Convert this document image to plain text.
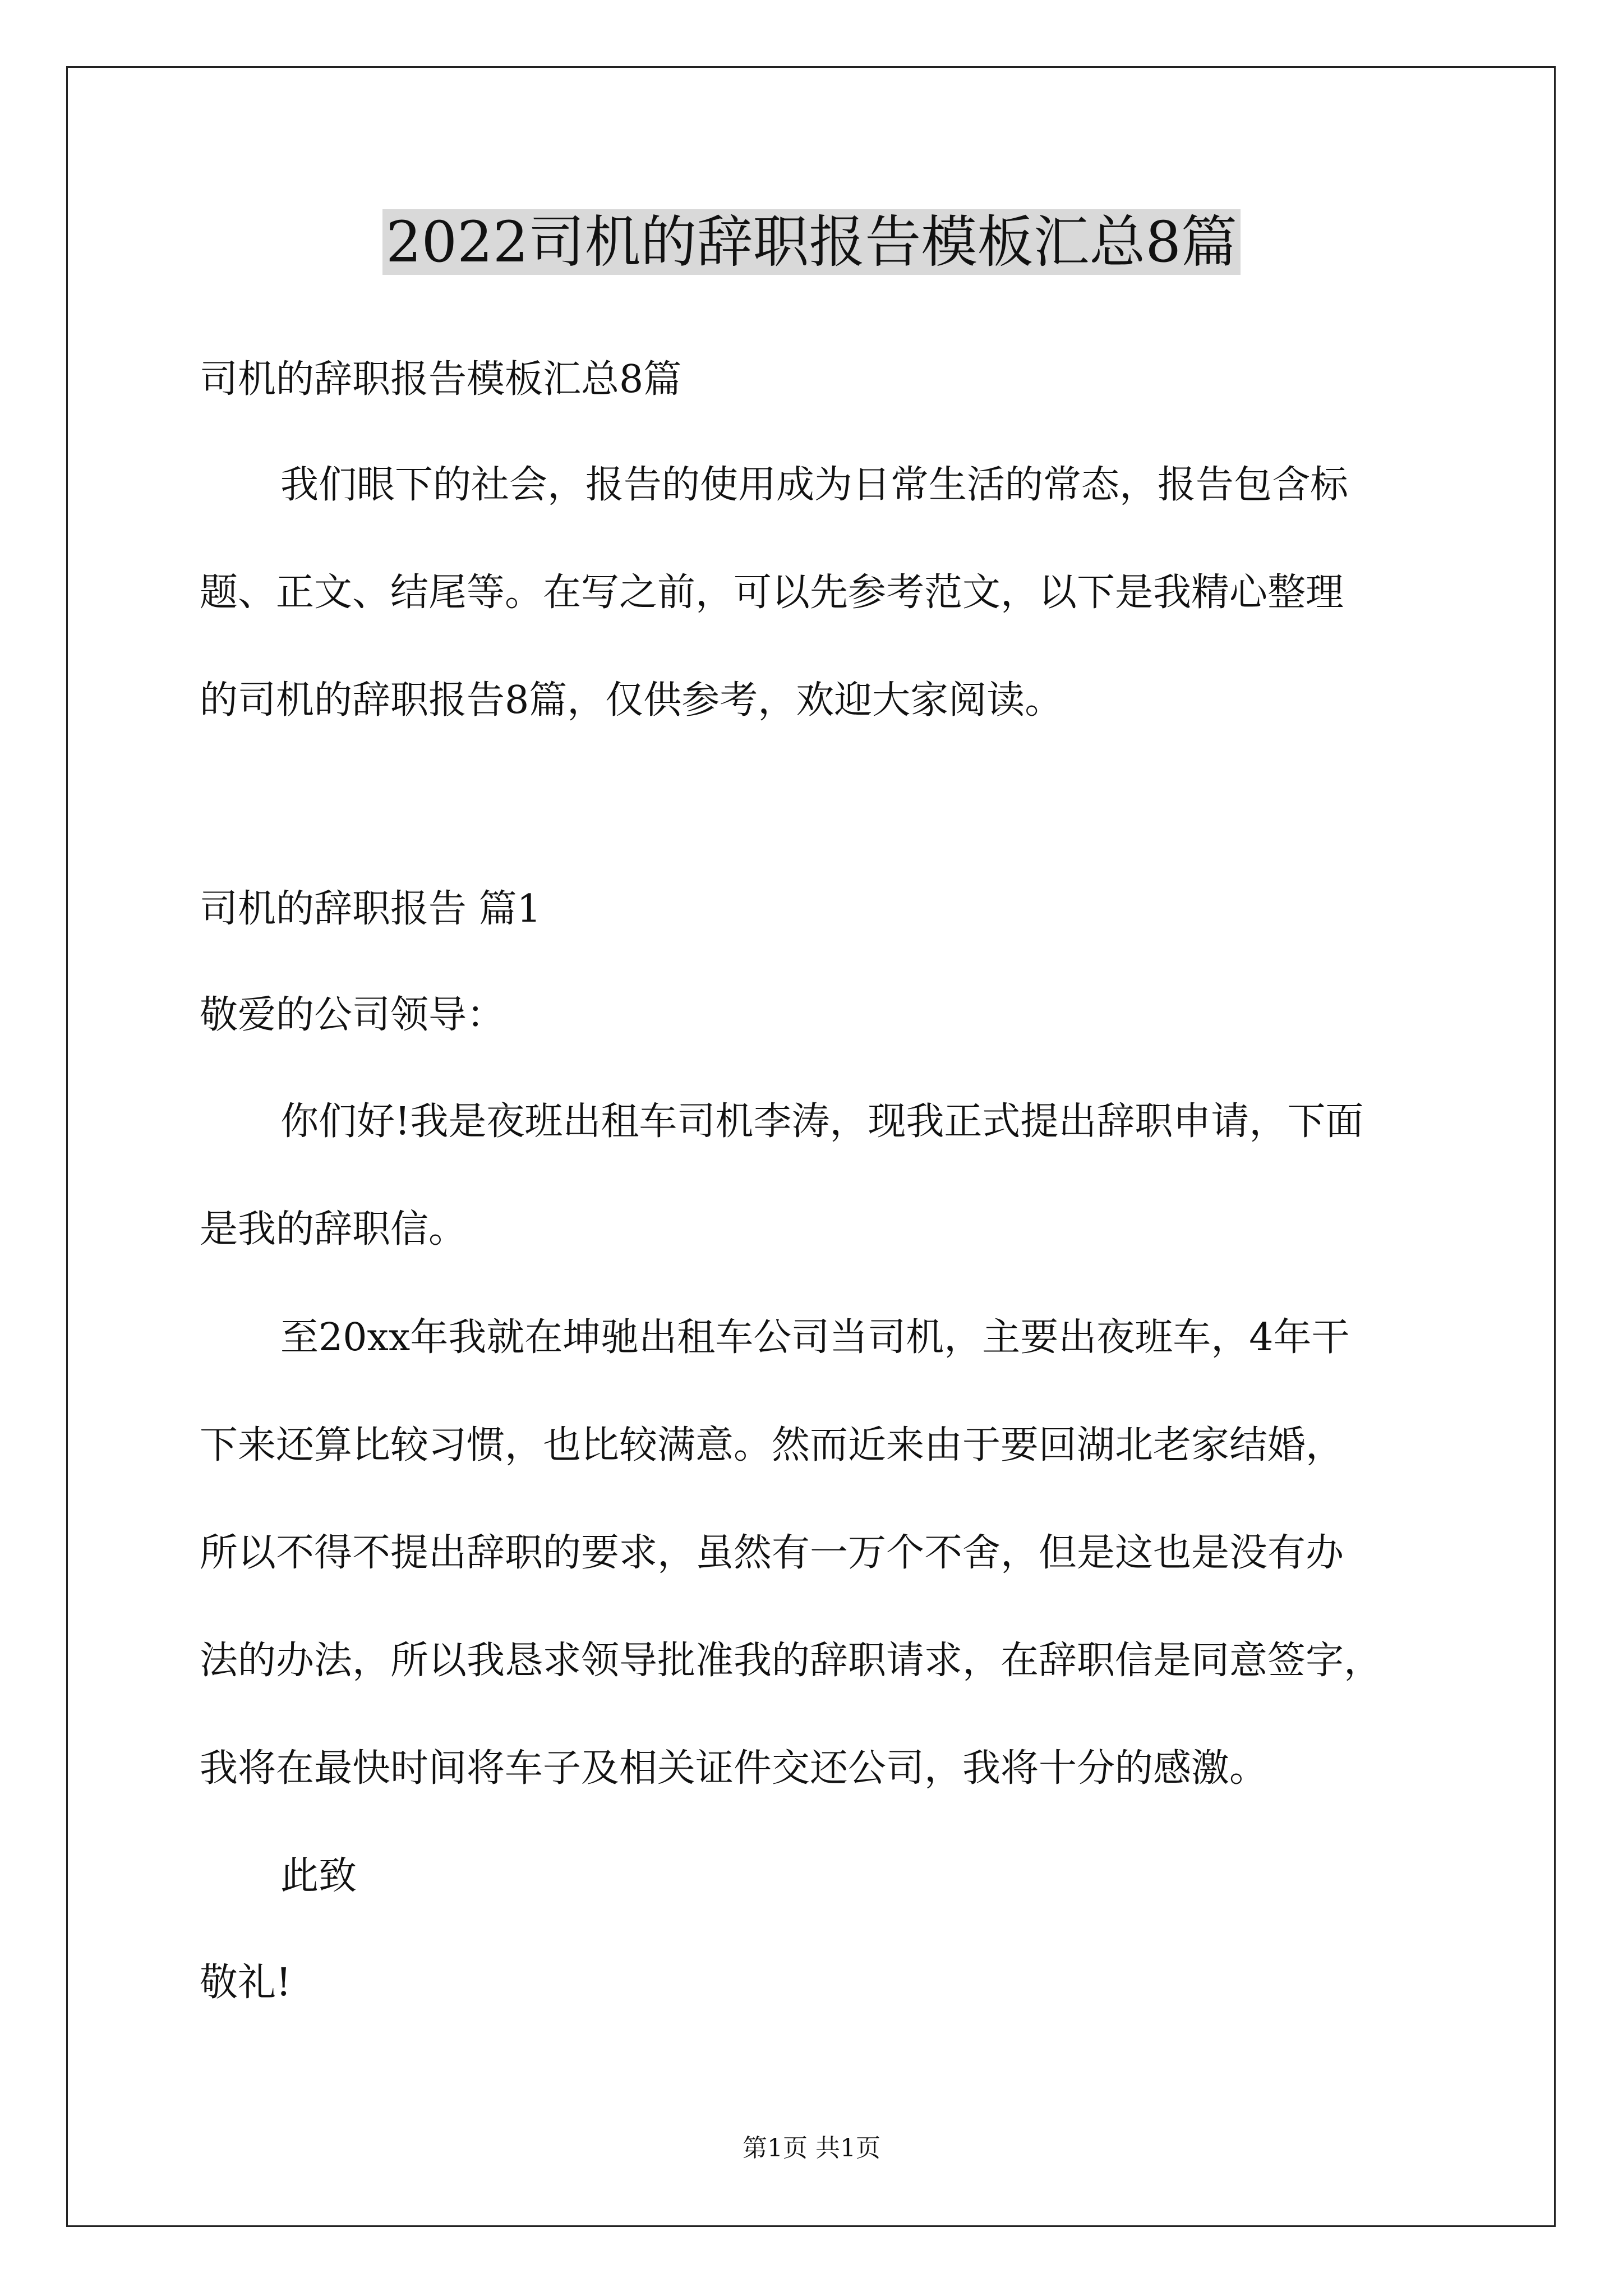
2022司机的辞职报告模板汇总8篇
司机的辞职报告模板汇总8篇
我们眼下的社会，报告的使用成为日常生活的常态，报告包含标
题、正文、结尾等。在写之前，可以先参考范文，以下是我精心整理
的司机的辞职报告8篇，仅供参考，欢迎大家阅读。
司机的辞职报告 篇1
敬爱的公司领导：
你们好!我是夜班出租车司机李涛，现我正式提出辞职申请，下面
是我的辞职信。
至20xx年我就在坤驰出租车公司当司机，主要出夜班车，4年干
下来还算比较习惯，也比较满意。然而近来由于要回湖北老家结婚，
所以不得不提出辞职的要求，虽然有一万个不舍，但是这也是没有办
法的办法，所以我恳求领导批准我的辞职请求，在辞职信是同意签字，
我将在最快时间将车子及相关证件交还公司，我将十分的感激。
此致
敬礼!
第1页 共1页
